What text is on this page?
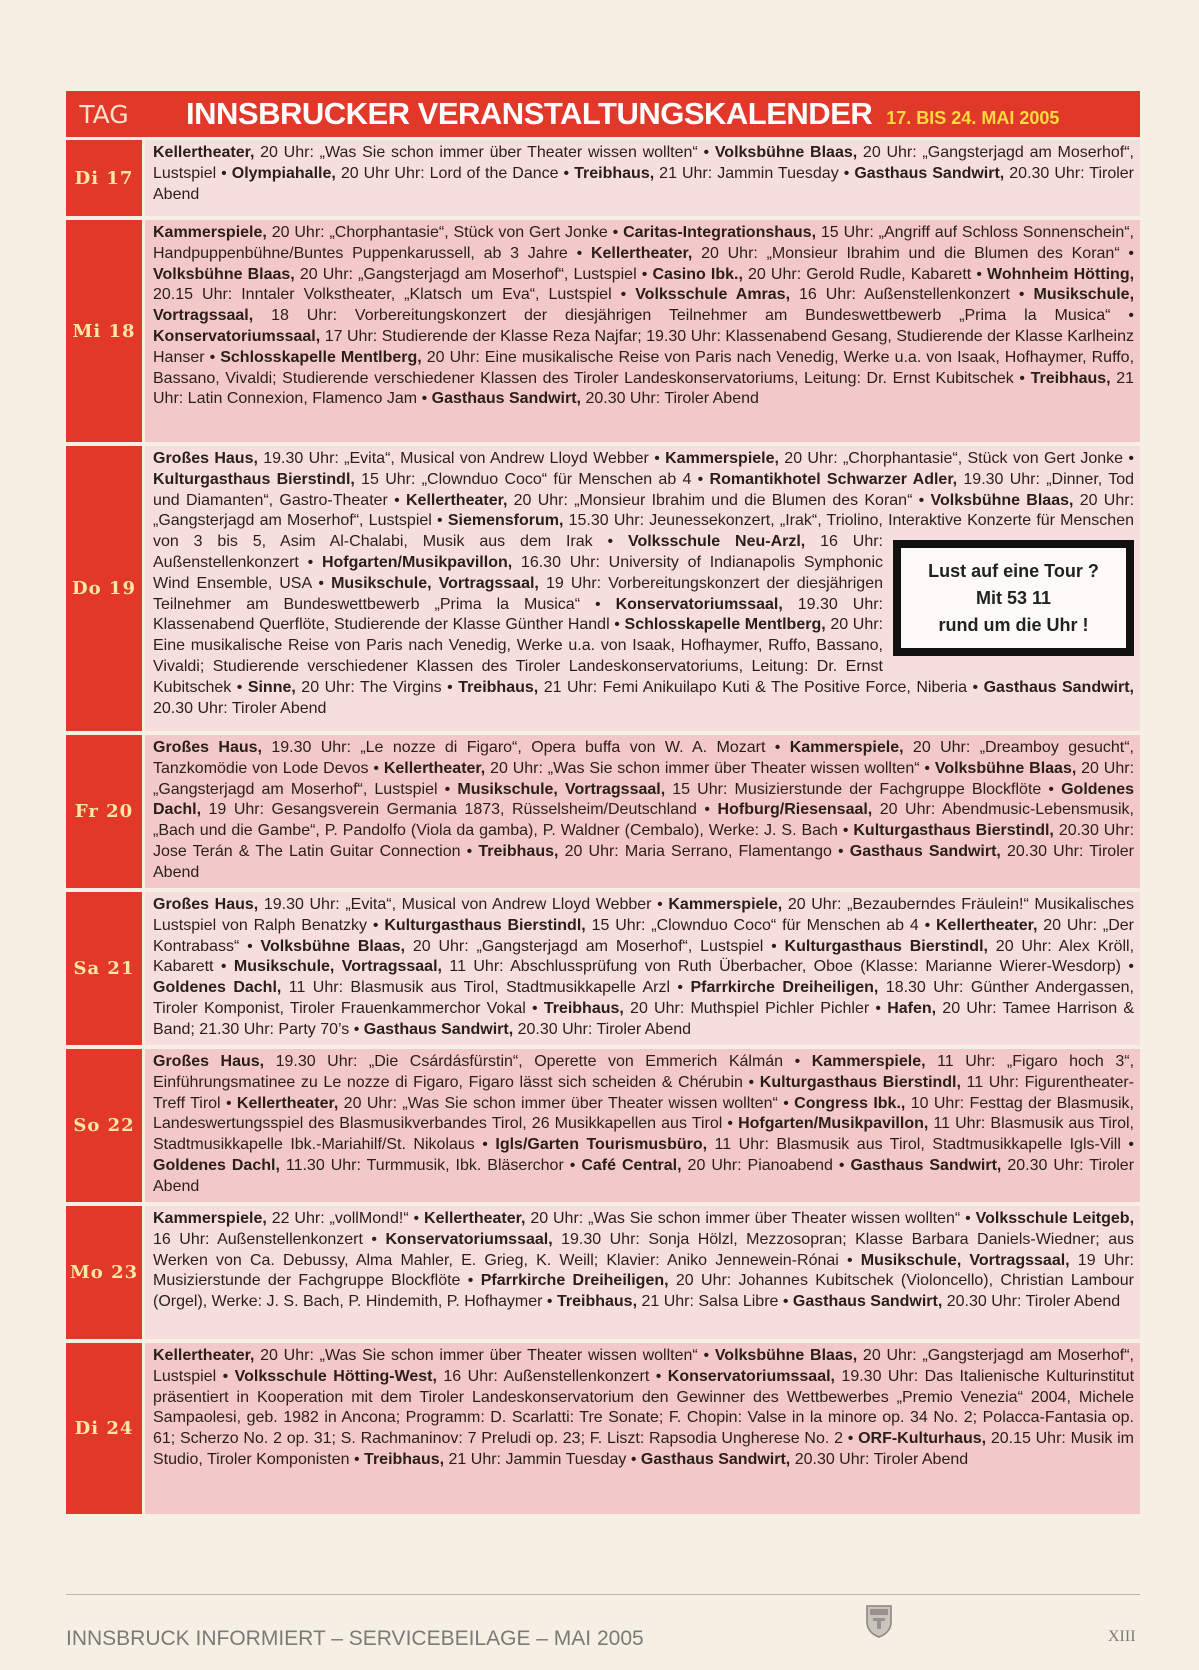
TAG	INNSBRUCKER VERANSTALTUNGSKALENDER 17. BIS 24. MAI 2005
Di 17
Kellertheater, 20 Uhr: „Was Sie schon immer über Theater wissen wollten“ • Volksbühne Blaas, 20 Uhr: „Gangsterjagd am Moserhof“, Lustspiel • Olympiahalle, 20 Uhr Uhr: Lord of the Dance • Treibhaus, 21 Uhr: Jammin Tuesday • Gasthaus Sandwirt, 20.30 Uhr: Tiroler Abend
Mi 18
Kammerspiele, 20 Uhr: „Chorphantasie“, Stück von Gert Jonke • Caritas-Integrationshaus, 15 Uhr: „Angriff auf Schloss Sonnenschein“, Handpuppenbühne/Buntes Puppenkarussell, ab 3 Jahre • Kellertheater, 20 Uhr: „Monsieur Ibrahim und die Blumen des Koran“ • Volksbühne Blaas, 20 Uhr: „Gangsterjagd am Moserhof“, Lustspiel • Casino Ibk., 20 Uhr: Gerold Rudle, Kabarett • Wohnheim Hötting, 20.15 Uhr: Inntaler Volkstheater, „Klatsch um Eva“, Lustspiel • Volksschule Amras, 16 Uhr: Außenstellenkonzert • Musikschule, Vortragssaal, 18 Uhr: Vorbereitungskonzert der diesjährigen Teilnehmer am Bundeswettbewerb „Prima la Musica“ • Konservatoriumssaal, 17 Uhr: Studierende der Klasse Reza Najfar; 19.30 Uhr: Klassenabend Gesang, Studierende der Klasse Karlheinz Hanser • Schlosskapelle Mentlberg, 20 Uhr: Eine musikalische Reise von Paris nach Venedig, Werke u.a. von Isaak, Hofhaymer, Ruffo, Bassano, Vivaldi; Studierende verschiedener Klassen des Tiroler Landeskonservatoriums, Leitung: Dr. Ernst Kubitschek • Treibhaus, 21 Uhr: Latin Connexion, Flamenco Jam • Gasthaus Sandwirt, 20.30 Uhr: Tiroler Abend
Do 19
Großes Haus, 19.30 Uhr: „Evita“, Musical von Andrew Lloyd Webber • Kammerspiele, 20 Uhr: „Chorphantasie“, Stück von Gert Jonke • Kulturgasthaus Bierstindl, 15 Uhr: „Clownduo Coco“ für Menschen ab 4 • Romantikhotel Schwarzer Adler, 19.30 Uhr: „Dinner, Tod und Diamanten“, Gastro-Theater • Kellertheater, 20 Uhr: „Monsieur Ibrahim und die Blumen des Koran“ • Volksbühne Blaas, 20 Uhr: „Gangsterjagd am Moserhof“, Lustspiel • Siemensforum, 15.30 Uhr: Jeunessekonzert, „Irak“, Triolino, Interaktive Konzerte für Menschen von 3 bis 5, Asim Al-Chalabi, Musik aus dem Irak •
Lust auf eine Tour ?
Mit 53 11
rund um die Uhr !
Volksschule Neu-Arzl, 16 Uhr: Außenstellenkonzert • Hofgarten/Musikpavillon, 16.30 Uhr: University of Indianapolis Symphonic Wind Ensemble, USA • Musikschule, Vortragssaal, 19 Uhr: Vorbereitungskonzert der diesjährigen Teilnehmer am Bundeswettbewerb „Prima la Musica“ • Konservatoriumssaal, 19.30 Uhr: Klassenabend Querflöte, Studierende der Klasse Günther Handl • Schlosskapelle Mentlberg, 20 Uhr: Eine musikalische Reise von Paris nach Venedig, Werke u.a. von Isaak, Hofhaymer, Ruffo, Bassano, Vivaldi; Studierende verschiedener Klassen des Tiroler Landeskonservatoriums, Leitung: Dr. Ernst Kubitschek • Sinne, 20 Uhr: The Virgins • Treibhaus, 21 Uhr: Femi Anikuilapo Kuti & The Positive Force, Niberia • Gasthaus Sandwirt, 20.30 Uhr: Tiroler Abend
Fr 20
Großes Haus, 19.30 Uhr: „Le nozze di Figaro“, Opera buffa von W. A. Mozart • Kammerspiele, 20 Uhr: „Dreamboy gesucht“, Tanzkomödie von Lode Devos • Kellertheater, 20 Uhr: „Was Sie schon immer über Theater wissen wollten“ • Volksbühne Blaas, 20 Uhr: „Gangsterjagd am Moserhof“, Lustspiel • Musikschule, Vortragssaal, 15 Uhr: Musizierstunde der Fachgruppe Blockflöte • Goldenes Dachl, 19 Uhr: Gesangsverein Germania 1873, Rüsselsheim/Deutschland • Hofburg/Riesensaal, 20 Uhr: Abendmusic-Lebensmusik, „Bach und die Gambe“, P. Pandolfo (Viola da gamba), P. Waldner (Cembalo), Werke: J. S. Bach • Kulturgasthaus Bierstindl, 20.30 Uhr: Jose Terán & The Latin Guitar Connection • Treibhaus, 20 Uhr: Maria Serrano, Flamentango • Gasthaus Sandwirt, 20.30 Uhr: Tiroler Abend
Sa 21
Großes Haus, 19.30 Uhr: „Evita“, Musical von Andrew Lloyd Webber • Kammerspiele, 20 Uhr: „Bezauberndes Fräulein!“ Musikalisches Lustspiel von Ralph Benatzky • Kulturgasthaus Bierstindl, 15 Uhr: „Clownduo Coco“ für Menschen ab 4 • Kellertheater, 20 Uhr: „Der Kontrabass“ • Volksbühne Blaas, 20 Uhr: „Gangsterjagd am Moserhof“, Lustspiel • Kulturgasthaus Bierstindl, 20 Uhr: Alex Kröll, Kabarett • Musikschule, Vortragssaal, 11 Uhr: Abschlussprüfung von Ruth Überbacher, Oboe (Klasse: Marianne Wierer-Wesdorp) • Goldenes Dachl, 11 Uhr: Blasmusik aus Tirol, Stadtmusikkapelle Arzl • Pfarrkirche Dreiheiligen, 18.30 Uhr: Günther Andergassen, Tiroler Komponist, Tiroler Frauenkammerchor Vokal • Treibhaus, 20 Uhr: Muthspiel Pichler Pichler • Hafen, 20 Uhr: Tamee Harrison & Band; 21.30 Uhr: Party 70’s • Gasthaus Sandwirt, 20.30 Uhr: Tiroler Abend
So 22
Großes Haus, 19.30 Uhr: „Die Csárdásfürstin“, Operette von Emmerich Kálmán • Kammerspiele, 11 Uhr: „Figaro hoch 3“, Einführungsmatinee zu Le nozze di Figaro, Figaro lässt sich scheiden & Chérubin • Kulturgasthaus Bierstindl, 11 Uhr: Figurentheater-Treff Tirol • Kellertheater, 20 Uhr: „Was Sie schon immer über Theater wissen wollten“ • Congress Ibk., 10 Uhr: Festtag der Blasmusik, Landeswertungsspiel des Blasmusikverbandes Tirol, 26 Musikkapellen aus Tirol • Hofgarten/Musikpavillon, 11 Uhr: Blasmusik aus Tirol, Stadtmusikkapelle Ibk.-Mariahilf/St. Nikolaus • Igls/Garten Tourismusbüro, 11 Uhr: Blasmusik aus Tirol, Stadtmusikkapelle Igls-Vill • Goldenes Dachl, 11.30 Uhr: Turmmusik, Ibk. Bläserchor • Café Central, 20 Uhr: Pianoabend • Gasthaus Sandwirt, 20.30 Uhr: Tiroler Abend
Mo 23
Kammerspiele, 22 Uhr: „vollMond!“ • Kellertheater, 20 Uhr: „Was Sie schon immer über Theater wissen wollten“ • Volksschule Leitgeb, 16 Uhr: Außenstellenkonzert • Konservatoriumssaal, 19.30 Uhr: Sonja Hölzl, Mezzosopran; Klasse Barbara Daniels-Wiedner; aus Werken von Ca. Debussy, Alma Mahler, E. Grieg, K. Weill; Klavier: Aniko Jennewein-Rónai • Musikschule, Vortragssaal, 19 Uhr: Musizierstunde der Fachgruppe Blockflöte • Pfarrkirche Dreiheiligen, 20 Uhr: Johannes Kubitschek (Violoncello), Christian Lambour (Orgel), Werke: J. S. Bach, P. Hindemith, P. Hofhaymer • Treibhaus, 21 Uhr: Salsa Libre • Gasthaus Sandwirt, 20.30 Uhr: Tiroler Abend
Di 24
Kellertheater, 20 Uhr: „Was Sie schon immer über Theater wissen wollten“ • Volksbühne Blaas, 20 Uhr: „Gangsterjagd am Moserhof“, Lustspiel • Volksschule Hötting-West, 16 Uhr: Außenstellenkonzert • Konservatoriumssaal, 19.30 Uhr: Das Italienische Kulturinstitut präsentiert in Kooperation mit dem Tiroler Landeskonservatorium den Gewinner des Wettbewerbes „Premio Venezia“ 2004, Michele Sampaolesi, geb. 1982 in Ancona; Programm: D. Scarlatti: Tre Sonate; F. Chopin: Valse in la minore op. 34 No. 2; Polacca-Fantasia op. 61; Scherzo No. 2 op. 31; S. Rachmaninov: 7 Preludi op. 23; F. Liszt: Rapsodia Ungherese No. 2 • ORF-Kulturhaus, 20.15 Uhr: Musik im Studio, Tiroler Komponisten • Treibhaus, 21 Uhr: Jammin Tuesday • Gasthaus Sandwirt, 20.30 Uhr: Tiroler Abend
INNSBRUCK INFORMIERT – SERVICEBEILAGE – MAI 2005	XIII
